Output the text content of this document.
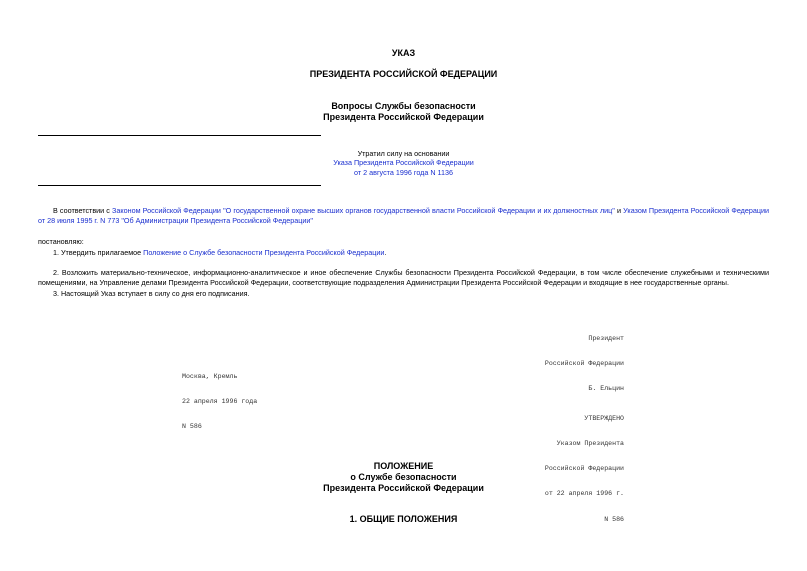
УКАЗ
ПРЕЗИДЕНТА РОССИЙСКОЙ ФЕДЕРАЦИИ
Вопросы Службы безопасности
Президента Российской Федерации
Утратил силу на основании
Указа Президента Российской Федерации
от 2 августа 1996 года N 1136
В соответствии с Законом Российской Федерации "О государственной охране высших органов государственной власти Российской Федерации и их должностных лиц" и Указом Президента Российской Федерации от 28 июля 1995 г. N 773 "Об Администрации Президента Российской Федерации"
постановляю:
1. Утвердить прилагаемое Положение о Службе безопасности Президента Российской Федерации.
2. Возложить материально-техническое, информационно-аналитическое и иное обеспечение Службы безопасности Президента Российской Федерации, в том числе обеспечение служебными и техническими помещениями, на Управление делами Президента Российской Федерации, соответствующие подразделения Администрации Президента Российской Федерации и входящие в нее государственные органы.
3. Настоящий Указ вступает в силу со дня его подписания.

Президент

Российской Федерации

Б. Ельцин

Москва, Кремль

22 апреля 1996 года

N 586

УТВЕРЖДЕНО

Указом Президента

Российской Федерации

от 22 апреля 1996 г.

N 586

ПОЛОЖЕНИЕ
о Службе безопасности
Президента Российской Федерации
1. ОБЩИЕ ПОЛОЖЕНИЯ
